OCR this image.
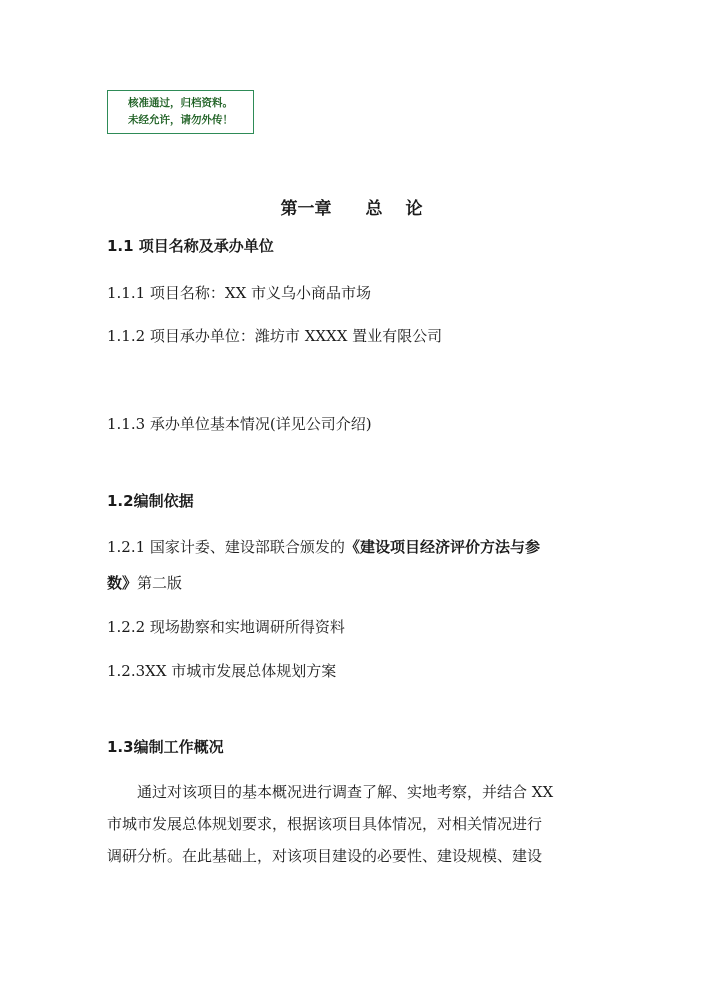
核准通过，归档资料。
未经允许，请勿外传！
第一章　　总　 论
1.1 项目名称及承办单位
1.1.1 项目名称：XX 市义乌小商品市场
1.1.2 项目承办单位：潍坊市 XXXX 置业有限公司
1.1.3 承办单位基本情况(详见公司介绍)
1.2编制依据
1.2.1 国家计委、建设部联合颁发的《建设项目经济评价方法与参
数》第二版
1.2.2 现场勘察和实地调研所得资料
1.2.3XX 市城市发展总体规划方案
1.3编制工作概况
　　通过对该项目的基本概况进行调查了解、实地考察，并结合 XX
市城市发展总体规划要求，根据该项目具体情况，对相关情况进行
调研分析。在此基础上，对该项目建设的必要性、建设规模、建设
